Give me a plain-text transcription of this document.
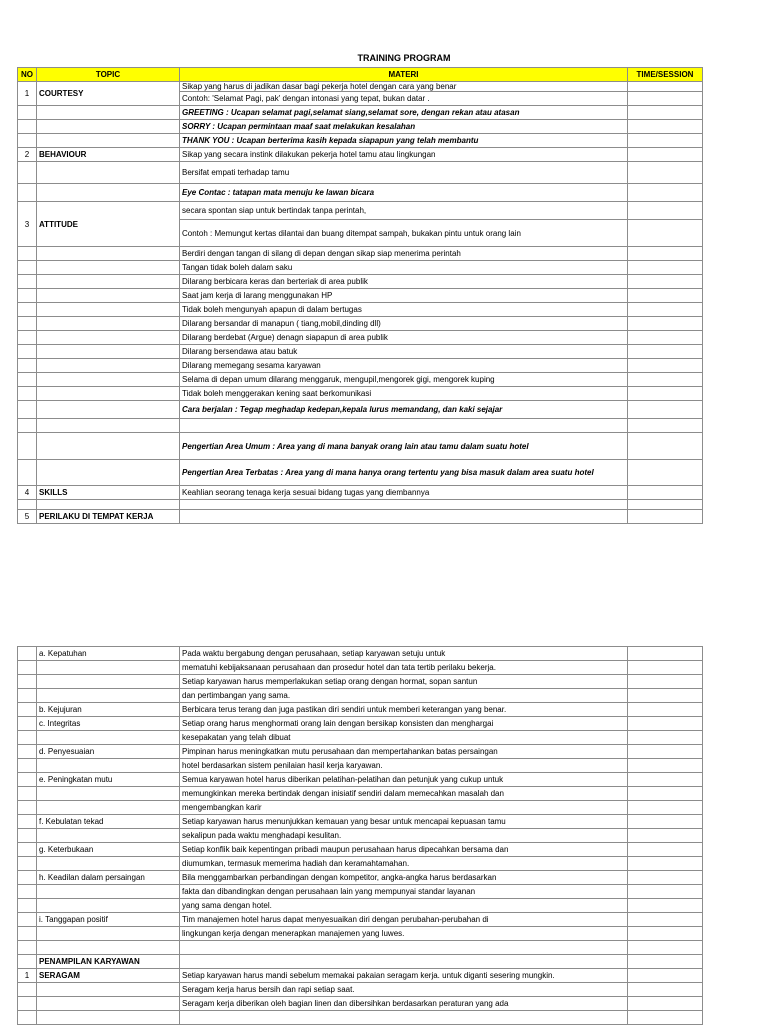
TRAINING PROGRAM
NO	TOPIC	MATERI	TIME/SESSION
1	COURTESY	Sikap yang harus di jadikan dasar bagi pekerja hotel dengan cara yang benar	
		Contoh: 'Selamat Pagi, pak' dengan intonasi yang tepat, bukan datar .	
		GREETING : Ucapan selamat pagi,selamat siang,selamat sore, dengan rekan atau atasan	
		SORRY : Ucapan permintaan maaf saat melakukan kesalahan	
		THANK YOU : Ucapan berterima kasih kepada siapapun yang telah membantu	
2	BEHAVIOUR	Sikap yang secara instink dilakukan pekerja hotel tamu atau lingkungan	
		Bersifat empati terhadap tamu	
		Eye Contac : tatapan mata menuju ke lawan bicara	
3	ATTITUDE	secara spontan siap untuk bertindak tanpa perintah,	
		Contoh : Memungut kertas dilantai dan buang ditempat sampah, bukakan pintu untuk orang lain	
		Berdiri dengan tangan di silang di depan dengan sikap siap menerima perintah	
		Tangan tidak boleh dalam saku	
		Dilarang berbicara keras dan berteriak di area publik	
		Saat jam kerja di larang menggunakan HP	
		Tidak boleh mengunyah apapun di dalam bertugas	
		Dilarang bersandar di manapun ( tiang,mobil,dinding dll)	
		Dilarang berdebat (Argue) denagn siapapun di area publik	
		Dilarang bersendawa atau batuk	
		Dilarang memegang sesama karyawan	
		Selama di depan umum dilarang menggaruk, mengupil,mengorek gigi, mengorek kuping	
		Tidak boleh menggerakan kening saat berkomunikasi	
		Cara berjalan : Tegap meghadap kedepan,kepala lurus memandang, dan kaki sejajar	

		Pengertian Area Umum : Area yang di mana banyak orang lain atau tamu dalam suatu hotel	
		Pengertian Area Terbatas : Area yang di mana hanya orang tertentu yang bisa masuk dalam area suatu hotel	
4	SKILLS	Keahlian seorang tenaga kerja sesuai bidang tugas yang diembannya	

5	PERILAKU DI TEMPAT KERJA		
	a. Kepatuhan	Pada waktu bergabung dengan perusahaan, setiap karyawan setuju untuk	
		mematuhi kebijaksanaan perusahaan dan prosedur hotel dan tata tertib perilaku bekerja.	
		Setiap karyawan harus memperlakukan setiap orang dengan hormat, sopan santun	
		dan pertimbangan yang sama.	
	b. Kejujuran	Berbicara terus terang dan juga pastikan diri sendiri untuk memberi keterangan yang benar.	
	c. Integritas	Setiap orang harus menghormati orang lain dengan bersikap konsisten dan menghargai	
		kesepakatan yang telah dibuat	
	d. Penyesuaian	Pimpinan harus meningkatkan mutu perusahaan dan mempertahankan batas persaingan	
		hotel berdasarkan sistem penilaian hasil kerja karyawan.	
	e. Peningkatan mutu	Semua karyawan hotel harus diberikan pelatihan-pelatihan dan petunjuk yang cukup untuk	
		memungkinkan mereka bertindak dengan inisiatif sendiri dalam memecahkan masalah dan	
		mengembangkan karir	
	f. Kebulatan tekad	Setiap karyawan harus menunjukkan kemauan yang besar untuk mencapai kepuasan tamu	
		sekalipun pada waktu menghadapi kesulitan.	
	g. Keterbukaan	Setiap konflik baik kepentingan pribadi maupun perusahaan harus dipecahkan bersama dan	
		diumumkan, termasuk memerima hadiah dan keramahtamahan.	
	h. Keadilan dalam persaingan	Bila menggambarkan perbandingan dengan kompetitor, angka-angka harus berdasarkan	
		fakta dan dibandingkan dengan perusahaan lain yang mempunyai standar layanan	
		yang sama dengan hotel.	
	i. Tanggapan positif	Tim manajemen hotel harus dapat menyesuaikan diri dengan perubahan-perubahan di	
		lingkungan kerja dengan menerapkan manajemen yang luwes.	

	PENAMPILAN KARYAWAN		
1	SERAGAM	Setiap karyawan harus mandi sebelum memakai pakaian seragam kerja. untuk diganti sesering mungkin.	
		Seragam kerja harus bersih dan rapi setiap saat.	
		Seragam kerja diberikan oleh bagian linen dan dibersihkan berdasarkan peraturan yang ada	
